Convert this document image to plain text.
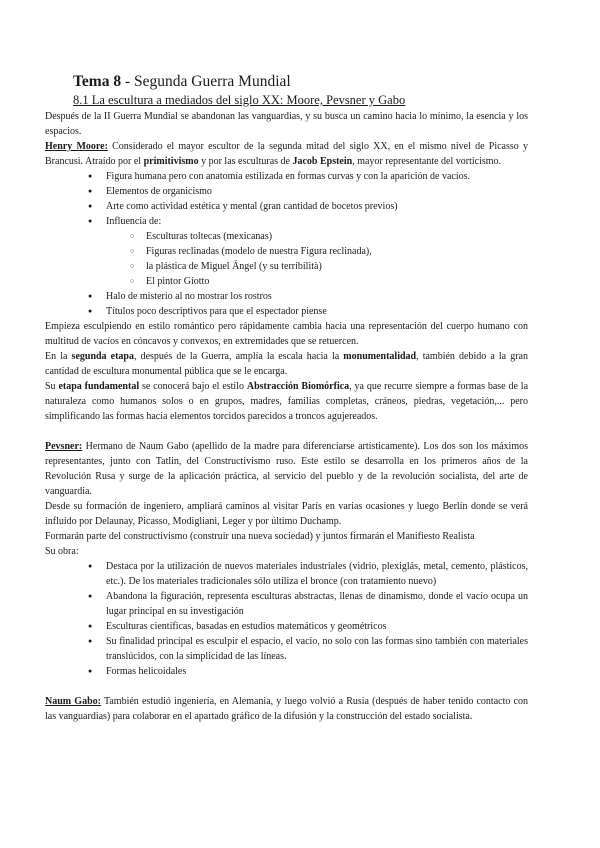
Tema 8 - Segunda Guerra Mundial
8.1 La escultura a mediados del siglo XX: Moore, Pevsner y Gabo

Después de la II Guerra Mundial se abandonan las vanguardias, y su busca un camino hacia lo mínimo, la esencia y los espacios.

Henry Moore: Considerado el mayor escultor de la segunda mitad del siglo XX, en el mismo nivel de Picasso y Brancusi. Atraído por el primitivismo y por las esculturas de Jacob Epstein, mayor representante del vorticismo.

● Figura humana pero con anatomía estilizada en formas curvas y con la aparición de vacíos.
● Elementos de organicismo
● Arte como actividad estética y mental (gran cantidad de bocetos previos)
● Influencia de:
○ Esculturas toltecas (mexicanas)
○ Figuras reclinadas (modelo de nuestra Figura reclinada),
○ la plástica de Miguel Ángel (y su terribilità)
○ El pintor Giotto
● Halo de misterio al no mostrar los rostros
● Títulos poco descriptivos para que el espectador piense

Empieza esculpiendo en estilo romántico pero rápidamente cambia hacia una representación del cuerpo humano con multitud de vacíos en cóncavos y convexos, en extremidades que se retuercen.

En la segunda etapa, después de la Guerra, amplía la escala hacia la monumentalidad, también debido a la gran cantidad de escultura monumental pública que se le encarga.

Su etapa fundamental se conocerá bajo el estilo Abstracción Biomórfica, ya que recurre siempre a formas base de la naturaleza como humanos solos o en grupos, madres, familias completas, cráneos, piedras, vegetación,... pero simplificando las formas hacia elementos torcidos parecidos a troncos agujereados.

Pevsner: Hermano de Naum Gabo (apellido de la madre para diferenciarse artísticamente). Los dos son los máximos representantes, junto con Tatlin, del Constructivismo ruso. Este estilo se desarrolla en los primeros años de la Revolución Rusa y surge de la aplicación práctica, al servicio del pueblo y de la revolución socialista, del arte de vanguardia.

Desde su formación de ingeniero, ampliará caminos al visitar París en varias ocasiones y luego Berlín donde se verá influido por Delaunay, Picasso, Modigliani, Leger y por último Duchamp.

Formarán parte del constructivismo (construir una nueva sociedad) y juntos firmarán el Manifiesto Realista

Su obra:

● Destaca por la utilización de nuevos materiales industriales (vidrio, plexiglás, metal, cemento, plásticos, etc.). De los materiales tradicionales sólo utiliza el bronce (con tratamiento nuevo)
● Abandona la figuración, representa esculturas abstractas, llenas de dinamismo, donde el vacío ocupa un lugar principal en su investigación
● Esculturas científicas, basadas en estudios matemáticos y geométricos
● Su finalidad principal es esculpir el espacio, el vacío, no solo con las formas sino también con materiales translúcidos, con la simplicidad de las líneas.
● Formas helicoidales

Naum Gabo: También estudió ingeniería, en Alemania, y luego volvió a Rusia (después de haber tenido contacto con las vanguardias) para colaborar en el apartado gráfico de la difusión y la construcción del estado socialista.
